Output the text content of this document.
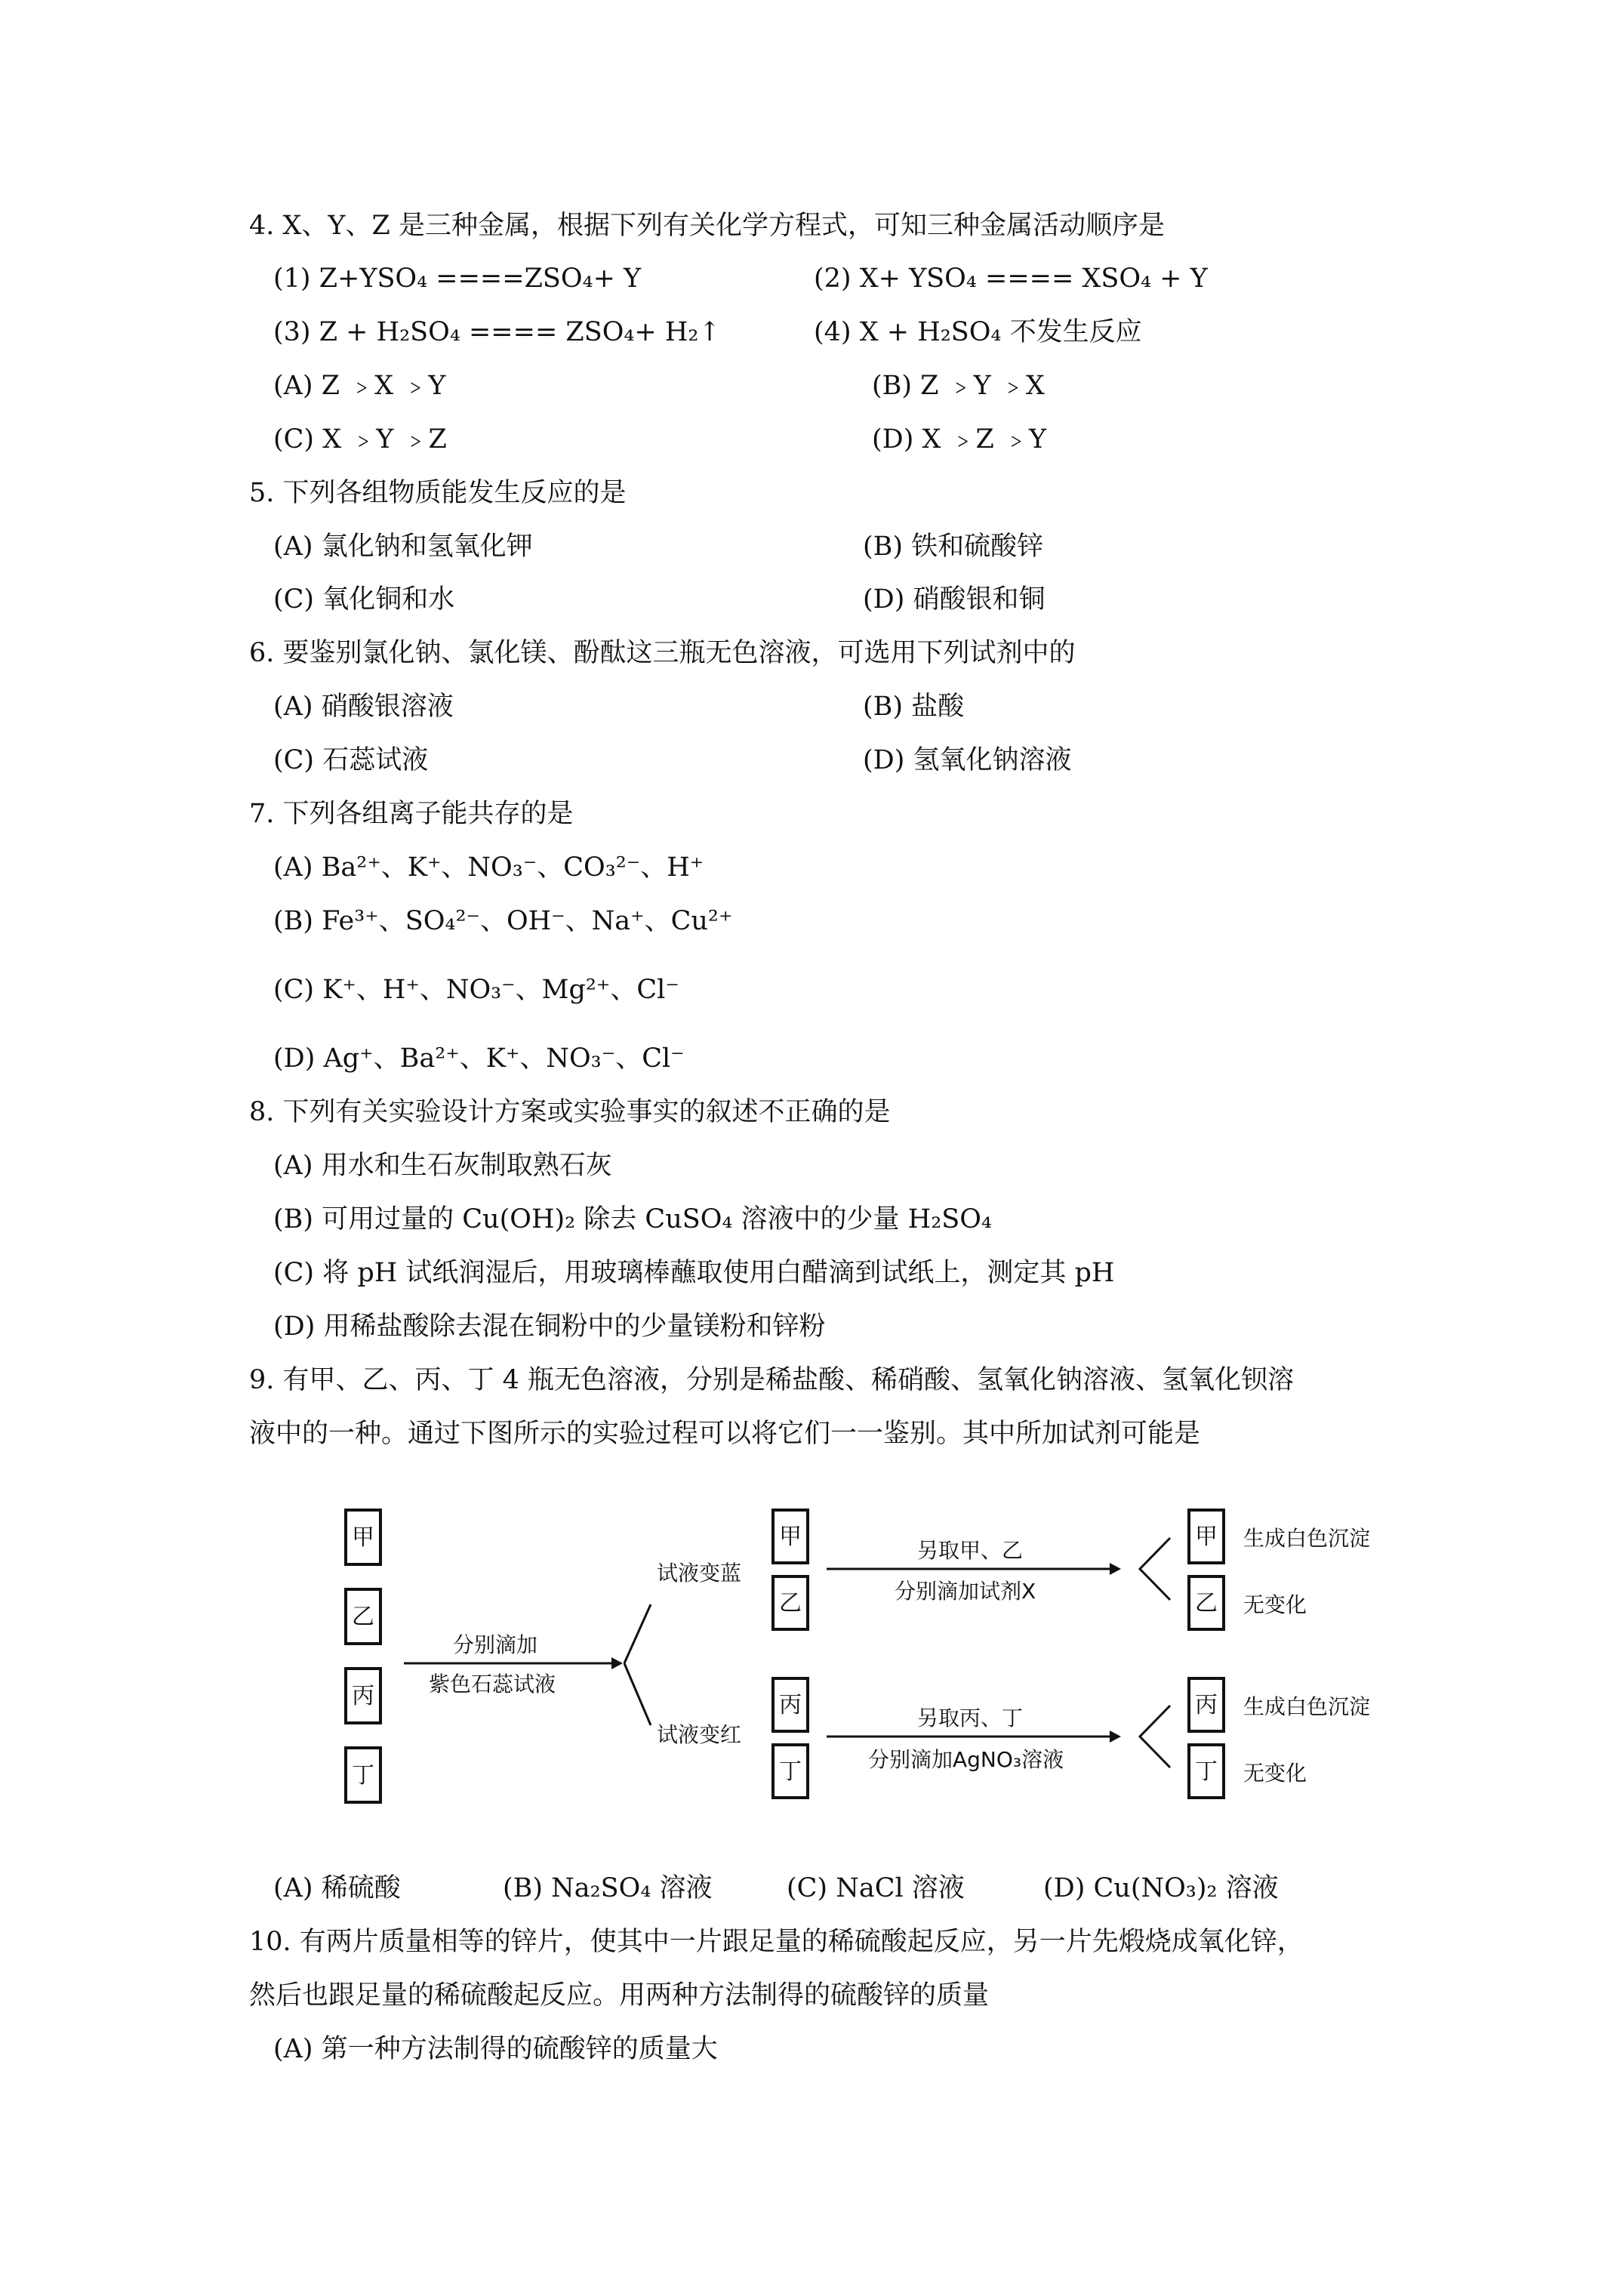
4. X、Y、Z 是三种金属，根据下列有关化学方程式，可知三种金属活动顺序是
(1) Z+YSO₄ ====ZSO₄+ Y	(2) X+ YSO₄ ==== XSO₄ + Y
(3) Z + H₂SO₄ ==== ZSO₄+ H₂↑	(4) X + H₂SO₄ 不发生反应
(A) Z ﹥X ﹥Y	(B) Z ﹥Y ﹥X
(C) X ﹥Y ﹥Z	(D) X ﹥Z ﹥Y
5. 下列各组物质能发生反应的是
(A) 氯化钠和氢氧化钾	(B) 铁和硫酸锌
(C) 氧化铜和水	(D) 硝酸银和铜
6. 要鉴别氯化钠、氯化镁、酚酞这三瓶无色溶液，可选用下列试剂中的
(A) 硝酸银溶液	(B) 盐酸
(C) 石蕊试液	(D) 氢氧化钠溶液
7. 下列各组离子能共存的是
(A) Ba²⁺、K⁺、NO₃⁻、CO₃²⁻、H⁺
(B) Fe³⁺、SO₄²⁻、OH⁻、Na⁺、Cu²⁺
(C) K⁺、H⁺、NO₃⁻、Mg²⁺、Cl⁻
(D) Ag⁺、Ba²⁺、K⁺、NO₃⁻、Cl⁻
8. 下列有关实验设计方案或实验事实的叙述不正确的是
(A) 用水和生石灰制取熟石灰
(B) 可用过量的 Cu(OH)₂ 除去 CuSO₄ 溶液中的少量 H₂SO₄
(C) 将 pH 试纸润湿后，用玻璃棒蘸取使用白醋滴到试纸上，测定其 pH
(D) 用稀盐酸除去混在铜粉中的少量镁粉和锌粉
9. 有甲、乙、丙、丁 4 瓶无色溶液，分别是稀盐酸、稀硝酸、氢氧化钠溶液、氢氧化钡溶
液中的一种。通过下图所示的实验过程可以将它们一一鉴别。其中所加试剂可能是
甲
乙
丙
丁
分别滴加
紫色石蕊试液
试液变蓝
试液变红
甲
乙
丙
丁
另取甲、乙
分别滴加试剂X
另取丙、丁
分别滴加AgNO₃溶液
甲
乙
丙
丁
生成白色沉淀
无变化
生成白色沉淀
无变化
(A) 稀硫酸	(B) Na₂SO₄ 溶液	(C) NaCl 溶液	(D) Cu(NO₃)₂ 溶液
10. 有两片质量相等的锌片，使其中一片跟足量的稀硫酸起反应，另一片先煅烧成氧化锌，
然后也跟足量的稀硫酸起反应。用两种方法制得的硫酸锌的质量
(A) 第一种方法制得的硫酸锌的质量大
